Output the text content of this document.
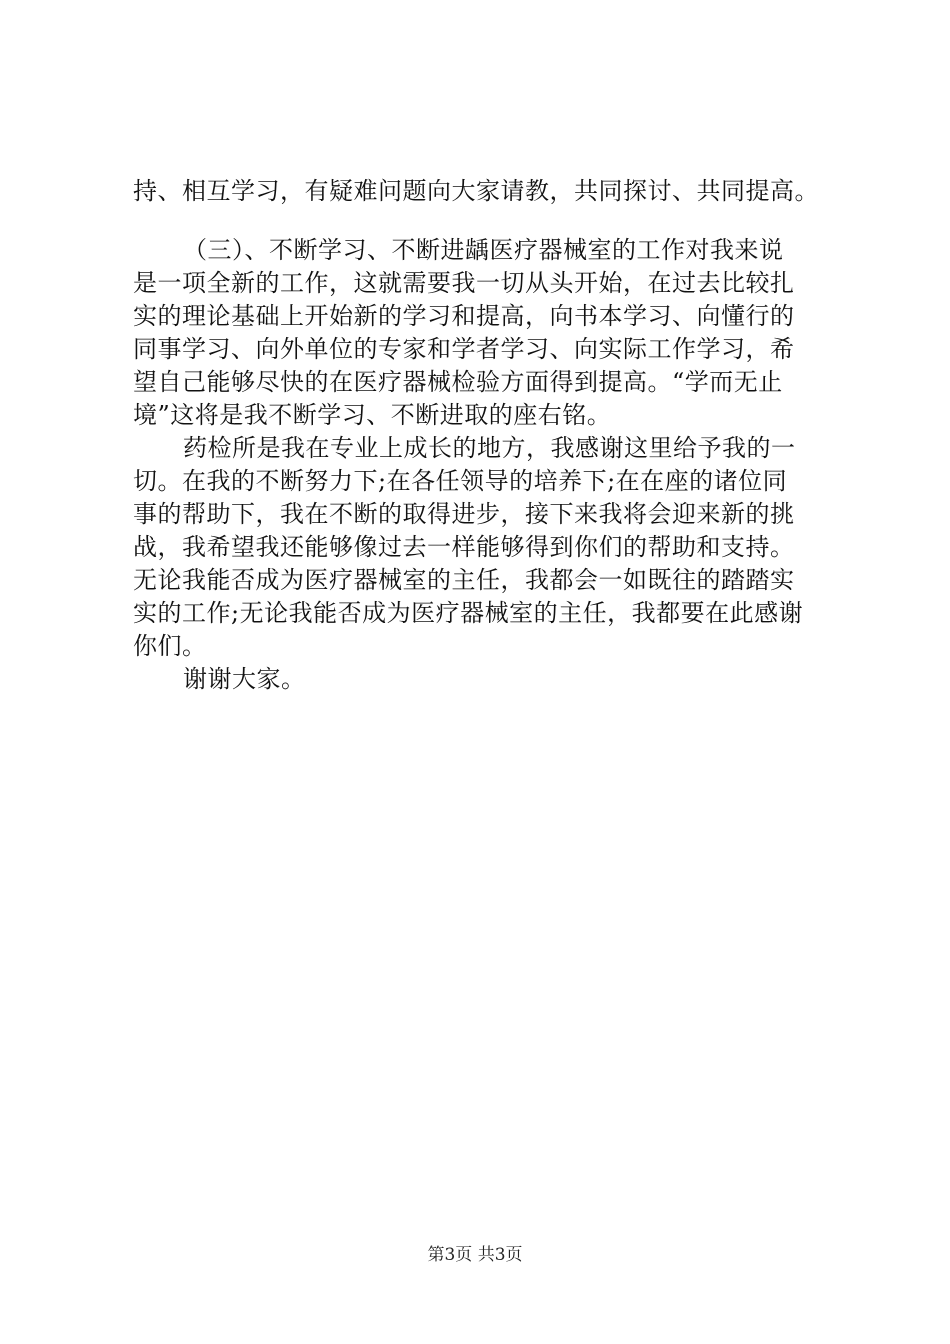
持、相互学习，有疑难问题向大家请教，共同探讨、共同提高。
（三）、不断学习、不断进龋医疗器械室的工作对我来说
是一项全新的工作，这就需要我一切从头开始，在过去比较扎
实的理论基础上开始新的学习和提高，向书本学习、向懂行的
同事学习、向外单位的专家和学者学习、向实际工作学习，希
望自己能够尽快的在医疗器械检验方面得到提高。“学而无止
境”这将是我不断学习、不断进取的座右铭。
药检所是我在专业上成长的地方，我感谢这里给予我的一
切。在我的不断努力下;在各任领导的培养下;在在座的诸位同
事的帮助下，我在不断的取得进步，接下来我将会迎来新的挑
战，我希望我还能够像过去一样能够得到你们的帮助和支持。
无论我能否成为医疗器械室的主任，我都会一如既往的踏踏实
实的工作;无论我能否成为医疗器械室的主任，我都要在此感谢
你们。
谢谢大家。
第3页 共3页
